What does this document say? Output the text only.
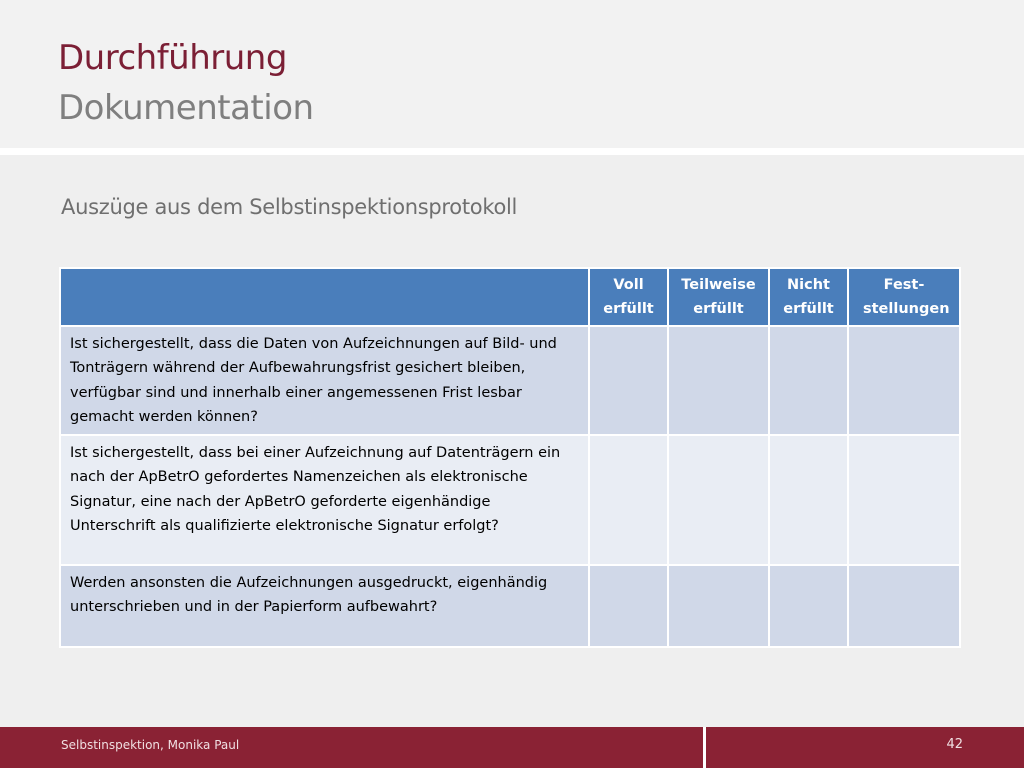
Durchführung
Dokumentation
Auszüge aus dem Selbstinspektionsprotokoll
	Voll erfüllt	Teilweise erfüllt	Nicht erfüllt	Fest- stellungen
Ist sichergestellt, dass die Daten von Aufzeichnungen auf Bild- und Tonträgern während der Aufbewahrungsfrist gesichert bleiben, verfügbar sind und innerhalb einer angemessenen Frist lesbar gemacht werden können?				
Ist sichergestellt, dass bei einer Aufzeichnung auf Datenträgern ein nach der ApBetrO gefordertes Namenzeichen als elektronische Signatur, eine nach der ApBetrO geforderte eigenhändige Unterschrift als qualifizierte elektronische Signatur erfolgt?				
Werden ansonsten die Aufzeichnungen ausgedruckt, eigenhändig unterschrieben und in der Papierform aufbewahrt?				
Selbstinspektion, Monika Paul	42
